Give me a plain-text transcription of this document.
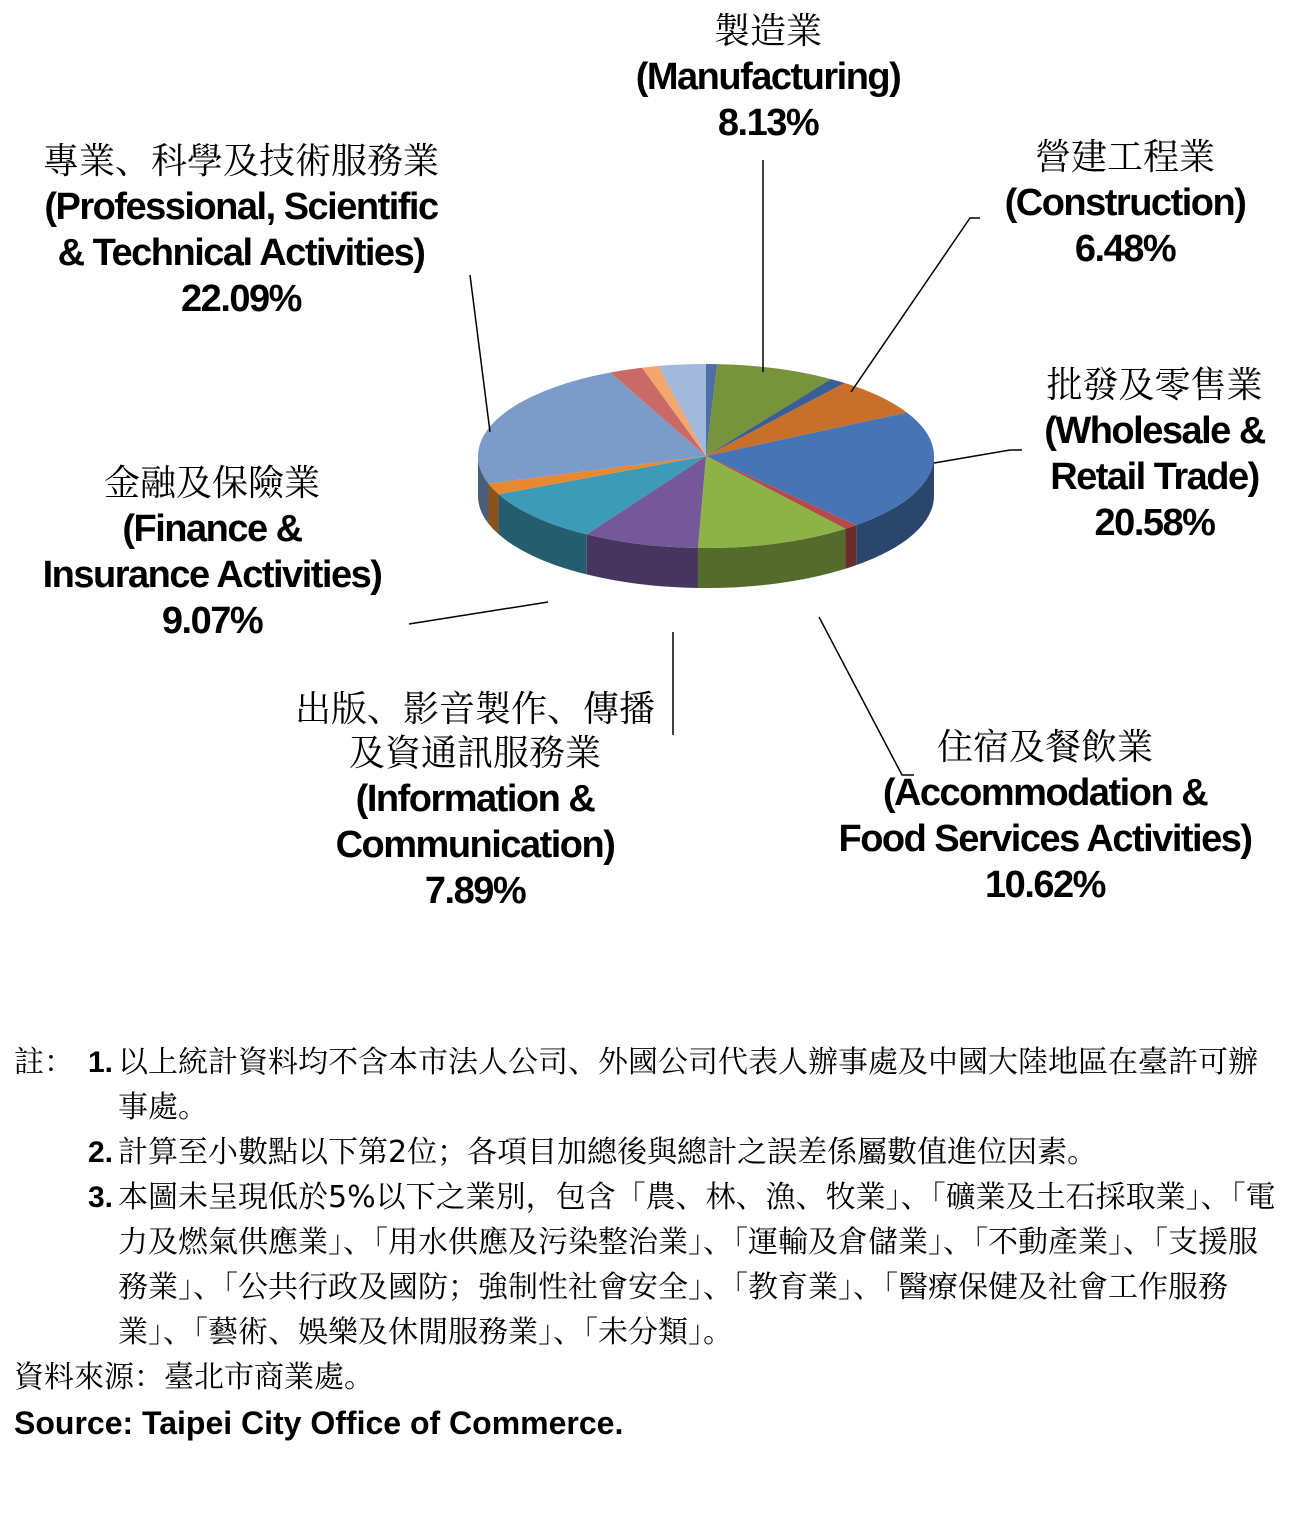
製造業
(Manufacturing)
8.13%
營建工程業
(Construction)
6.48%
批發及零售業
(Wholesale &
Retail Trade)
20.58%
住宿及餐飲業
(Accommodation &
Food Services Activities)
10.62%
出版、影音製作、傳播
及資通訊服務業
(Information &
Communication)
7.89%
金融及保險業
(Finance &
Insurance Activities)
9.07%
專業、科學及技術服務業
(Professional, Scientific
& Technical Activities)
22.09%
註： 1. 以上統計資料均不含本市法人公司、外國公司代表人辦事處及中國大陸地區在臺許可辦事處。
2. 計算至小數點以下第2位；各項目加總後與總計之誤差係屬數值進位因素。
3. 本圖未呈現低於5%以下之業別，包含「農、林、漁、牧業」、「礦業及土石採取業」、「電力及燃氣供應業」、「用水供應及污染整治業」、「運輸及倉儲業」、「不動產業」、「支援服務業」、「公共行政及國防；強制性社會安全」、「教育業」、「醫療保健及社會工作服務業」、「藝術、娛樂及休閒服務業」、「未分類」。
資料來源：臺北市商業處。
Source: Taipei City Office of Commerce.
